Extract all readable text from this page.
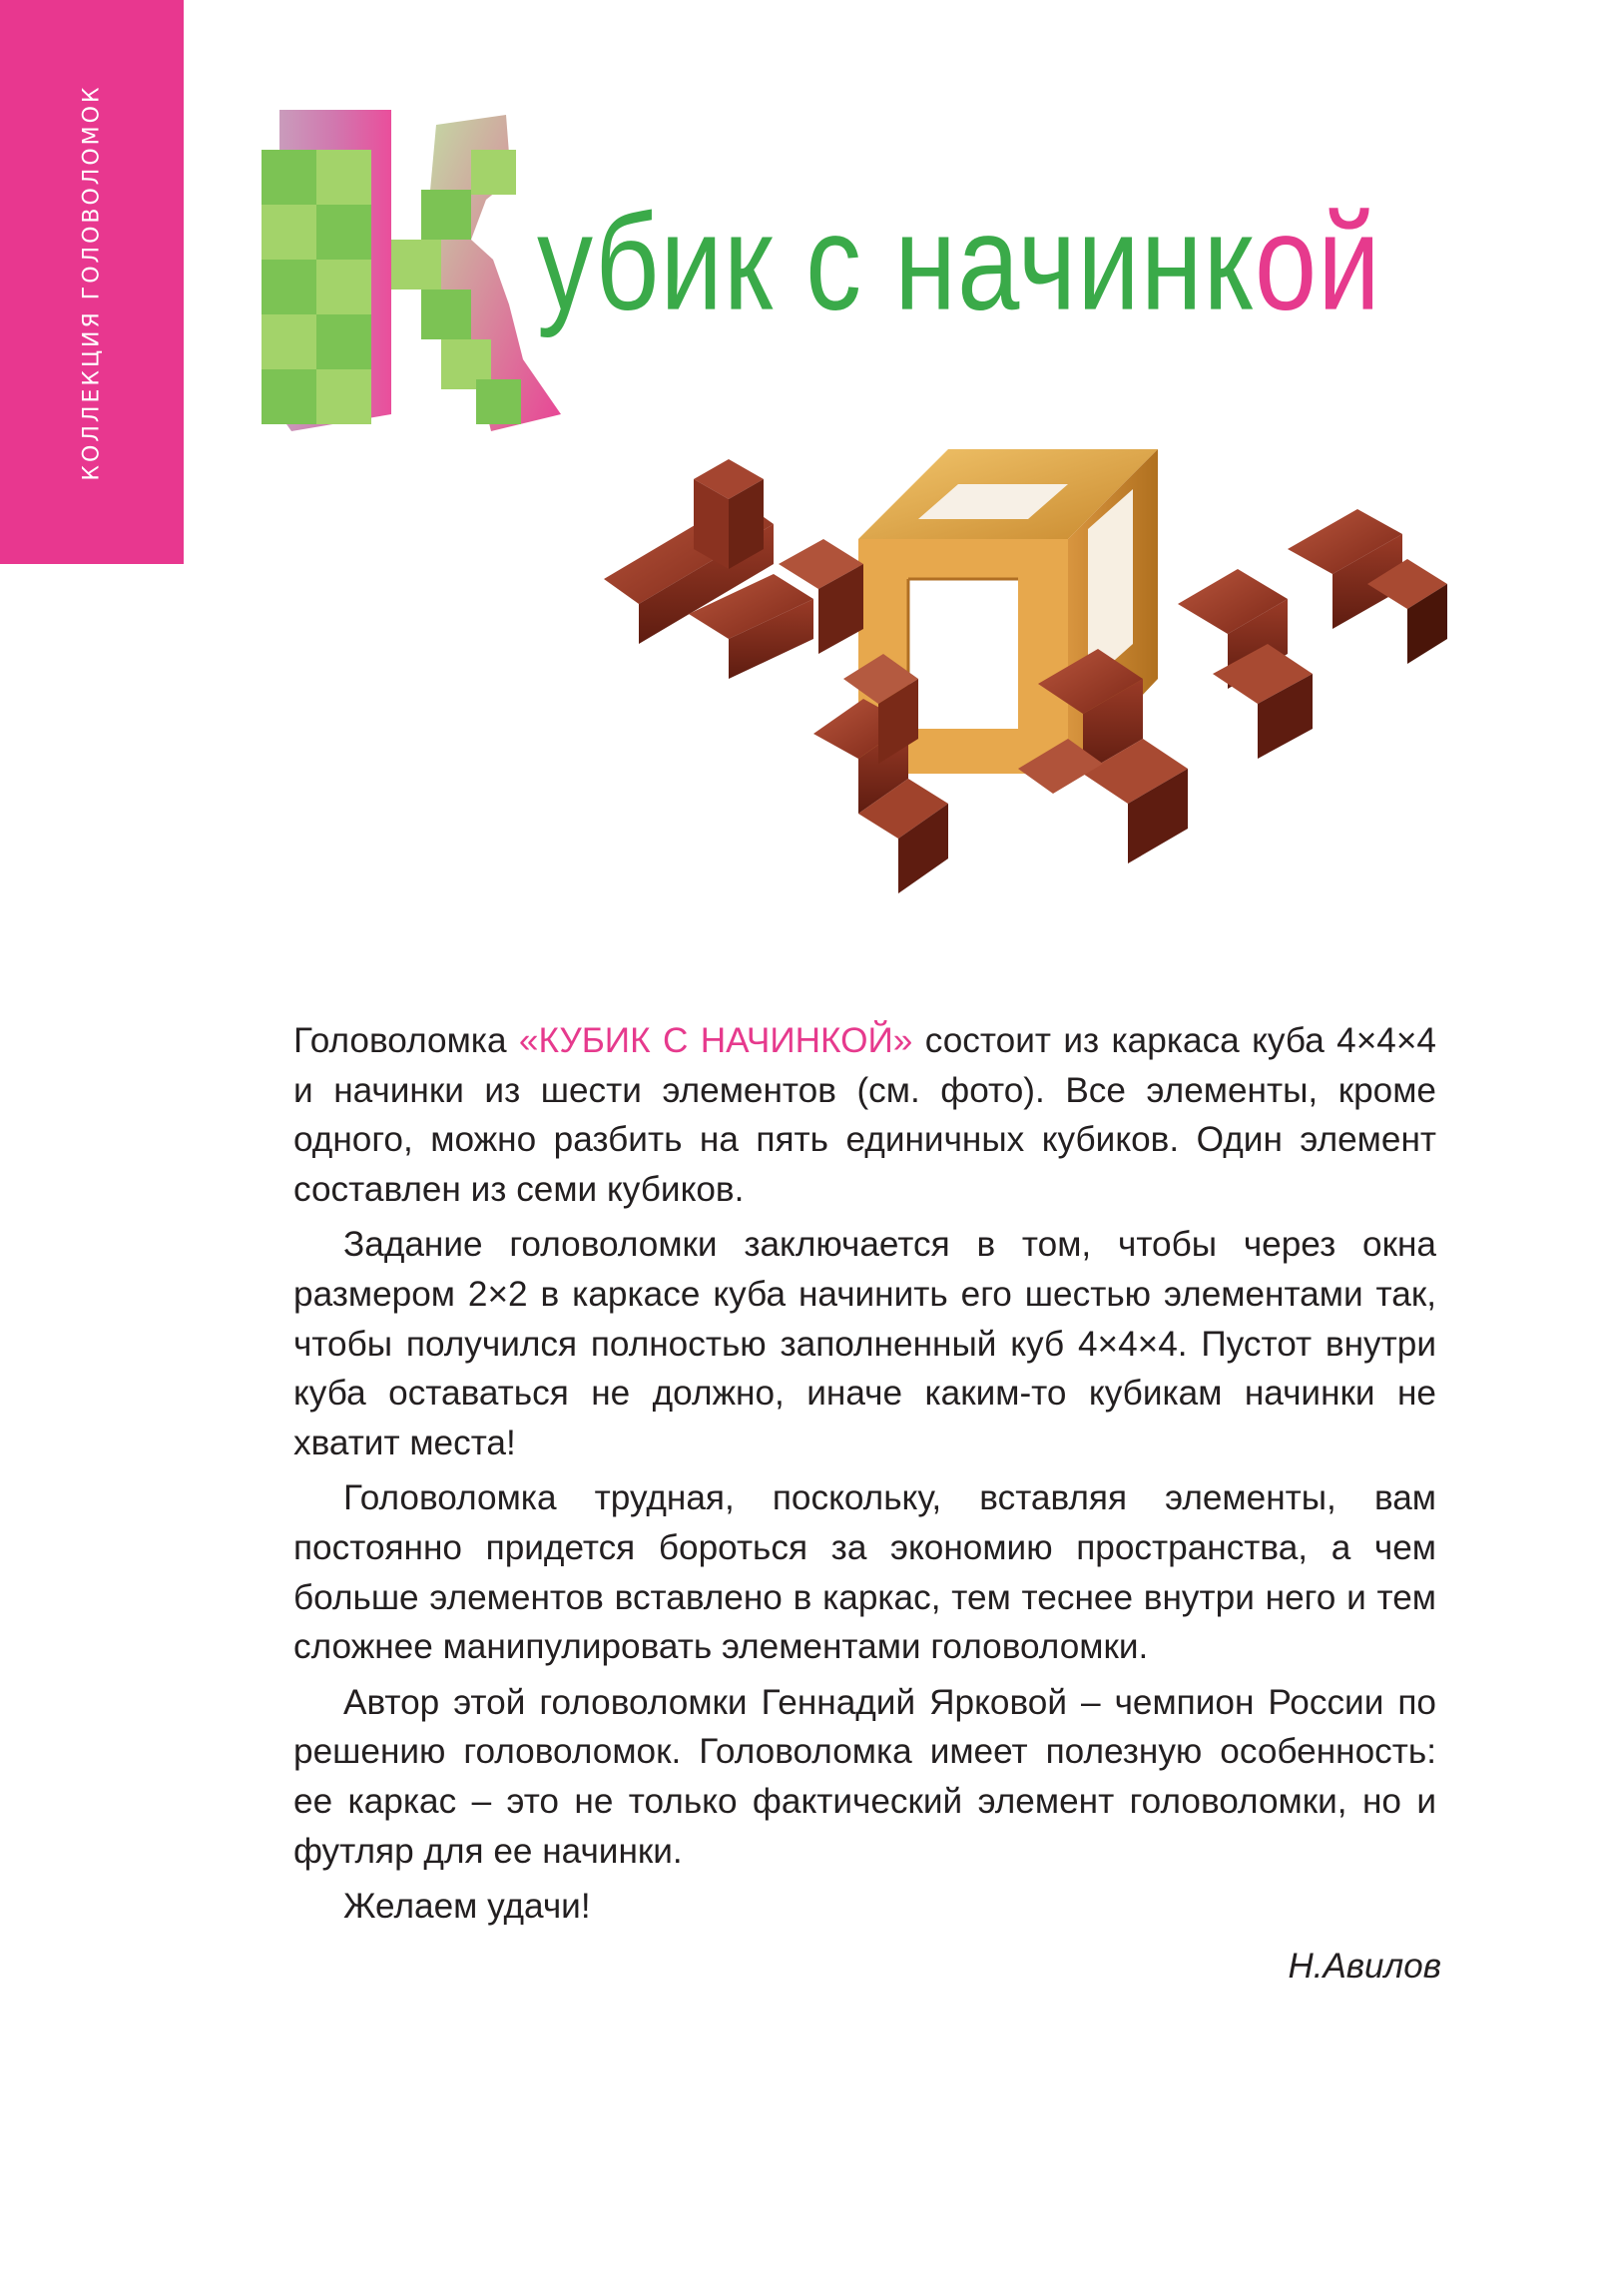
КОЛЛЕКЦИЯ ГОЛОВОЛОМОК	убик с начинкой

Головоломка «КУБИК С НАЧИНКОЙ» состоит из каркаса куба 4×4×4 и начинки из шести элементов (см. фото). Все элементы, кроме одного, можно разбить на пять единичных кубиков. Один элемент составлен из семи кубиков.

Задание головоломки заключается в том, чтобы через окна размером 2×2 в каркасе куба начинить его шестью элементами так, чтобы получился полностью заполненный куб 4×4×4. Пустот внутри куба оставаться не должно, иначе каким-то кубикам начинки не хватит места!

Головоломка трудная, поскольку, вставляя элементы, вам постоянно придется бороться за экономию пространства, а чем больше элементов вставлено в каркас, тем теснее внутри него и тем сложнее манипулировать элементами головоломки.

Автор этой головоломки Геннадий Ярковой – чемпион России по решению головоломок. Головоломка имеет полезную особенность: ее каркас – это не только фактический элемент головоломки, но и футляр для ее начинки.

Желаем удачи!

Н.Авилов
